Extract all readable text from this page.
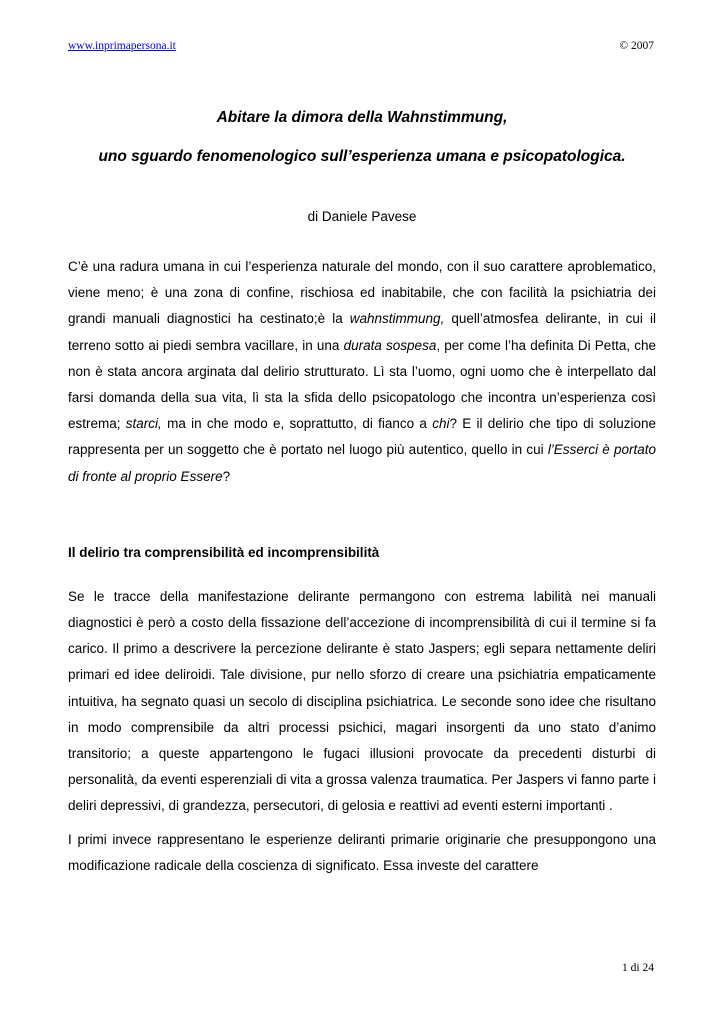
www.inprimapersona.it	© 2007

Abitare la dimora della Wahnstimmung,

uno sguardo fenomenologico sull’esperienza umana e psicopatologica.

di Daniele Pavese

C’è una radura umana in cui l’esperienza naturale del mondo, con il suo carattere aproblematico, viene meno; è una zona di confine, rischiosa ed inabitabile, che con facilità la psichiatria dei grandi manuali diagnostici ha cestinato;è la wahnstimmung, quell’atmosfea delirante, in cui il terreno sotto ai piedi sembra vacillare, in una durata sospesa, per come l’ha definita Di Petta, che non è stata ancora arginata dal delirio strutturato. Lì sta l’uomo, ogni uomo che è interpellato dal farsi domanda della sua vita, lì sta la sfida dello psicopatologo che incontra un’esperienza così estrema; starci, ma in che modo e, soprattutto, di fianco a chi? E il delirio che tipo di soluzione rappresenta per un soggetto che è portato nel luogo più autentico, quello in cui l’Esserci è portato di fronte al proprio Essere?

Il delirio tra comprensibilità ed incomprensibilità

Se le tracce della manifestazione delirante permangono con estrema labilità nei manuali diagnostici è però a costo della fissazione dell’accezione di incomprensibilità di cui il termine si fa carico. Il primo a descrivere la percezione delirante è stato Jaspers; egli separa nettamente deliri primari ed idee deliroidi. Tale divisione, pur nello sforzo di creare una psichiatria empaticamente intuitiva, ha segnato quasi un secolo di disciplina psichiatrica. Le seconde sono idee che risultano in modo comprensibile da altri processi psichici, magari insorgenti da uno stato d’animo transitorio; a queste appartengono le fugaci illusioni provocate da precedenti disturbi di personalità, da eventi esperenziali di vita a grossa valenza traumatica. Per Jaspers vi fanno parte i deliri depressivi, di grandezza, persecutori, di gelosia e reattivi ad eventi esterni importanti .

I primi invece rappresentano le esperienze deliranti primarie originarie che presuppongono una modificazione radicale della coscienza di significato. Essa investe del carattere

1 di 24
